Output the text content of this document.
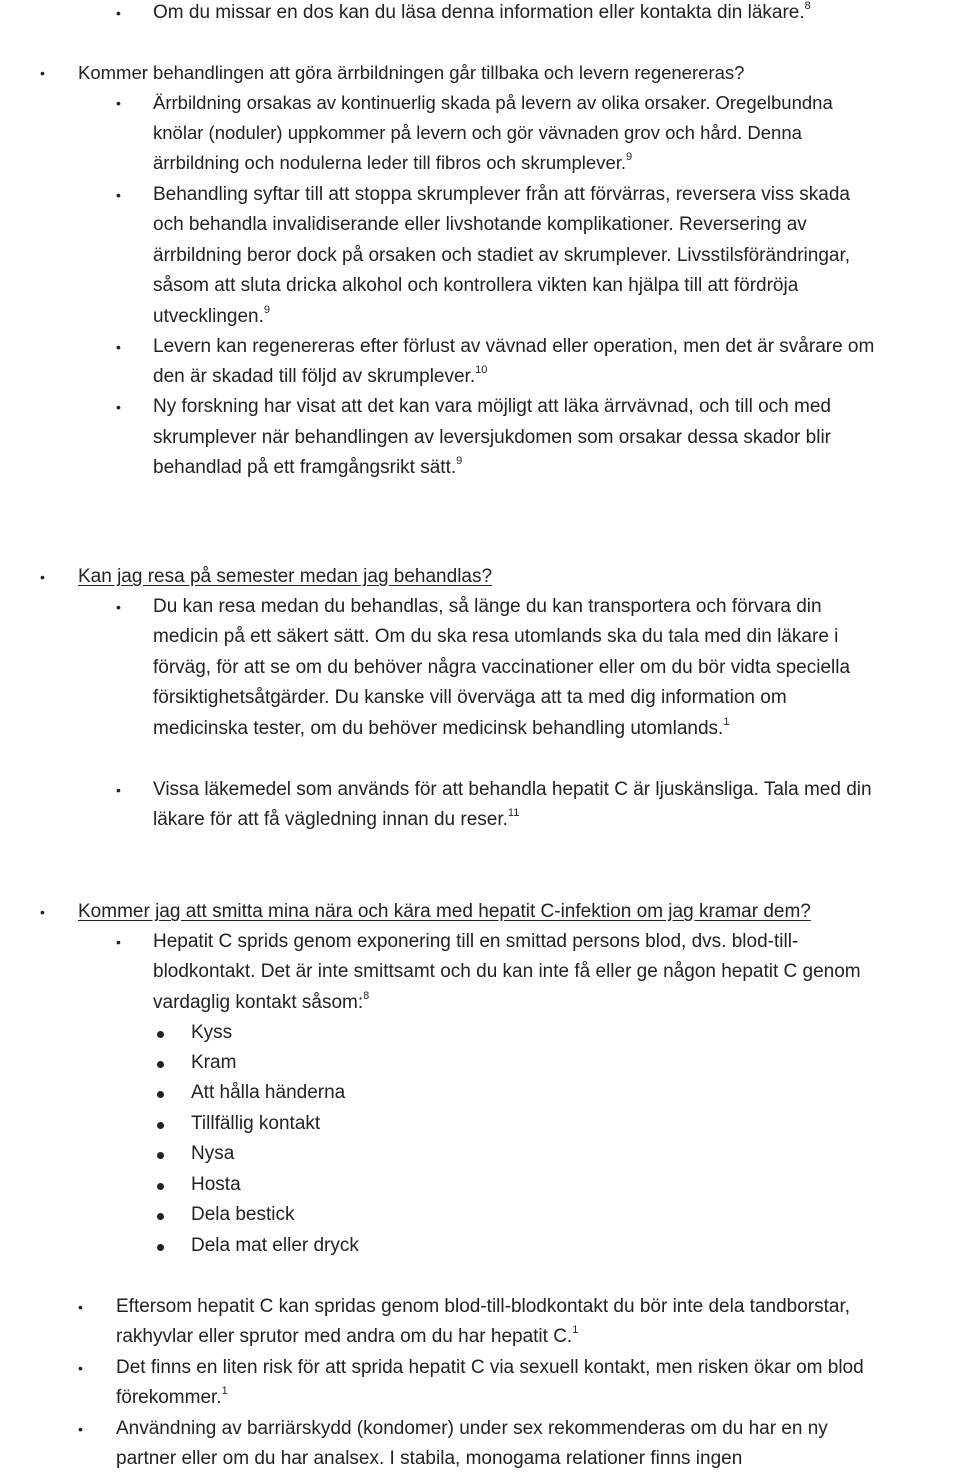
• Om du missar en dos kan du läsa denna information eller kontakta din läkare.$^8$
• Kommer behandlingen att göra ärrbildningen går tillbaka och levern regenereras?
• Ärrbildning orsakas av kontinuerlig skada på levern av olika orsaker. Oregelbundna
knölar (noduler) uppkommer på levern och gör vävnaden grov och hård. Denna
ärrbildning och nodulerna leder till fibros och skrumplever.$^9$
• Behandling syftar till att stoppa skrumplever från att förvärras, reversera viss skada
och behandla invalidiserande eller livshotande komplikationer. Reversering av
ärrbildning beror dock på orsaken och stadiet av skrumplever. Livsstilsförändringar,
såsom att sluta dricka alkohol och kontrollera vikten kan hjälpa till att fördröja
utvecklingen.$^9$
• Levern kan regenereras efter förlust av vävnad eller operation, men det är svårare om
den är skadad till följd av skrumplever.$^{10}$
• Ny forskning har visat att det kan vara möjligt att läka ärrvävnad, och till och med
skrumplever när behandlingen av leversjukdomen som orsakar dessa skador blir
behandlad på ett framgångsrikt sätt.$^9$
• Kan jag resa på semester medan jag behandlas?
• Du kan resa medan du behandlas, så länge du kan transportera och förvara din
medicin på ett säkert sätt. Om du ska resa utomlands ska du tala med din läkare i
förväg, för att se om du behöver några vaccinationer eller om du bör vidta speciella
försiktighetsåtgärder. Du kanske vill överväga att ta med dig information om
medicinska tester, om du behöver medicinsk behandling utomlands.$^1$
• Vissa läkemedel som används för att behandla hepatit C är ljuskänsliga. Tala med din
läkare för att få vägledning innan du reser.$^{11}$
• Kommer jag att smitta mina nära och kära med hepatit C-infektion om jag kramar dem?
• Hepatit C sprids genom exponering till en smittad persons blod, dvs. blod-till-
blodkontakt. Det är inte smittsamt och du kan inte få eller ge någon hepatit C genom
vardaglig kontakt såsom:$^8$
Kyss
Kram
Att hålla händerna
Tillfällig kontakt
Nysa
Hosta
Dela bestick
Dela mat eller dryck
• Eftersom hepatit C kan spridas genom blod-till-blodkontakt du bör inte dela tandborstar,
rakhyvlar eller sprutor med andra om du har hepatit C.$^1$
• Det finns en liten risk för att sprida hepatit C via sexuell kontakt, men risken ökar om blod
förekommer.$^1$
• Användning av barriärskydd (kondomer) under sex rekommenderas om du har en ny
partner eller om du har analsex. I stabila, monogama relationer finns ingen
